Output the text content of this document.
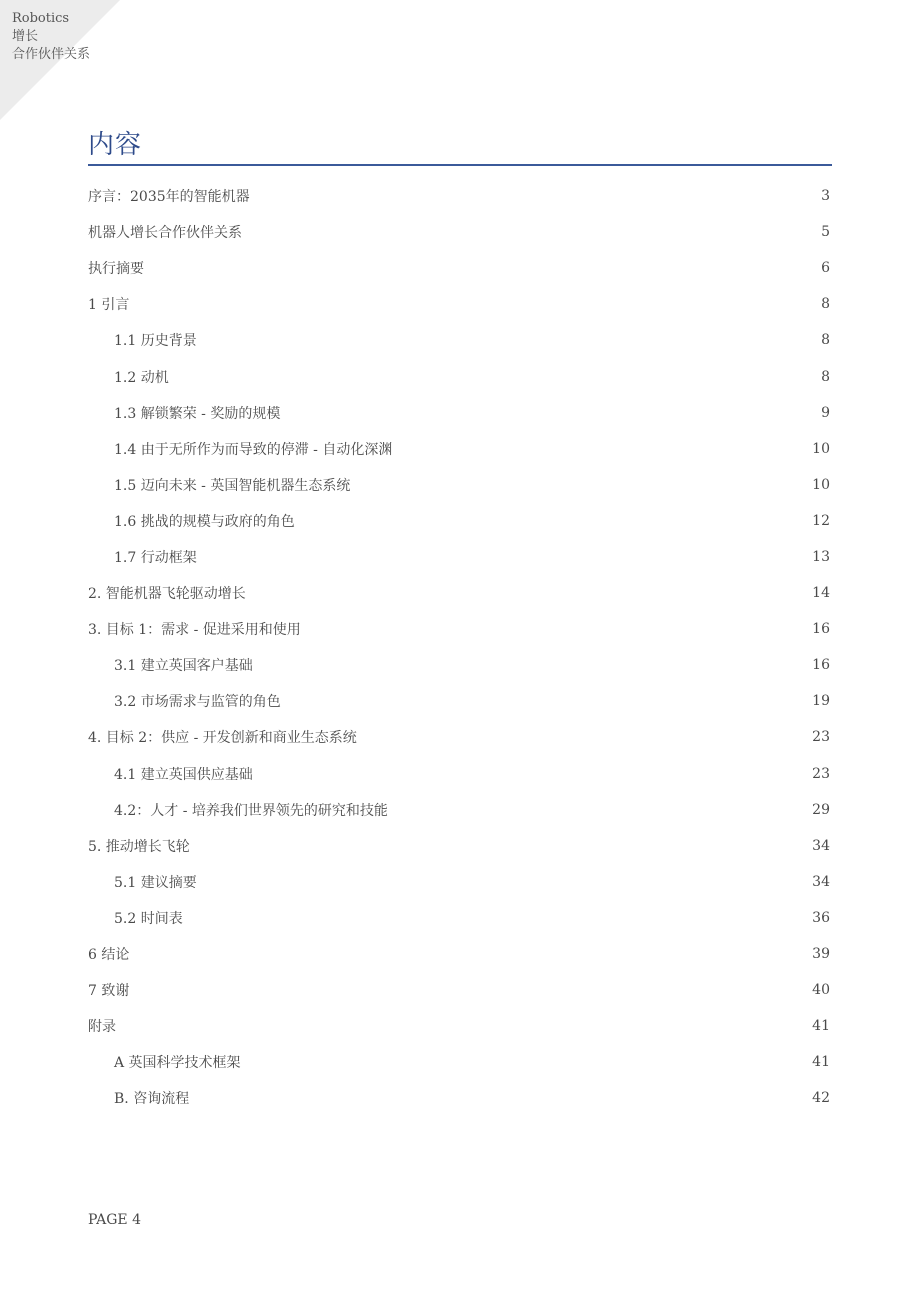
Robotics
增长
合作伙伴关系
内容
序言：2035年的智能机器	3
机器人增长合作伙伴关系	5
执行摘要	6
1 引言	8
1.1 历史背景	8
1.2 动机	8
1.3 解锁繁荣 - 奖励的规模	9
1.4 由于无所作为而导致的停滞 - 自动化深渊	10
1.5 迈向未来 - 英国智能机器生态系统	10
1.6 挑战的规模与政府的角色	12
1.7 行动框架	13
2. 智能机器飞轮驱动增长	14
3. 目标 1：需求 - 促进采用和使用	16
3.1 建立英国客户基础	16
3.2 市场需求与监管的角色	19
4. 目标 2：供应 - 开发创新和商业生态系统	23
4.1 建立英国供应基础	23
4.2：人才 - 培养我们世界领先的研究和技能	29
5. 推动增长飞轮	34
5.1 建议摘要	34
5.2 时间表	36
6 结论	39
7 致谢	40
附录	41
A 英国科学技术框架	41
B. 咨询流程	42
PAGE 4
